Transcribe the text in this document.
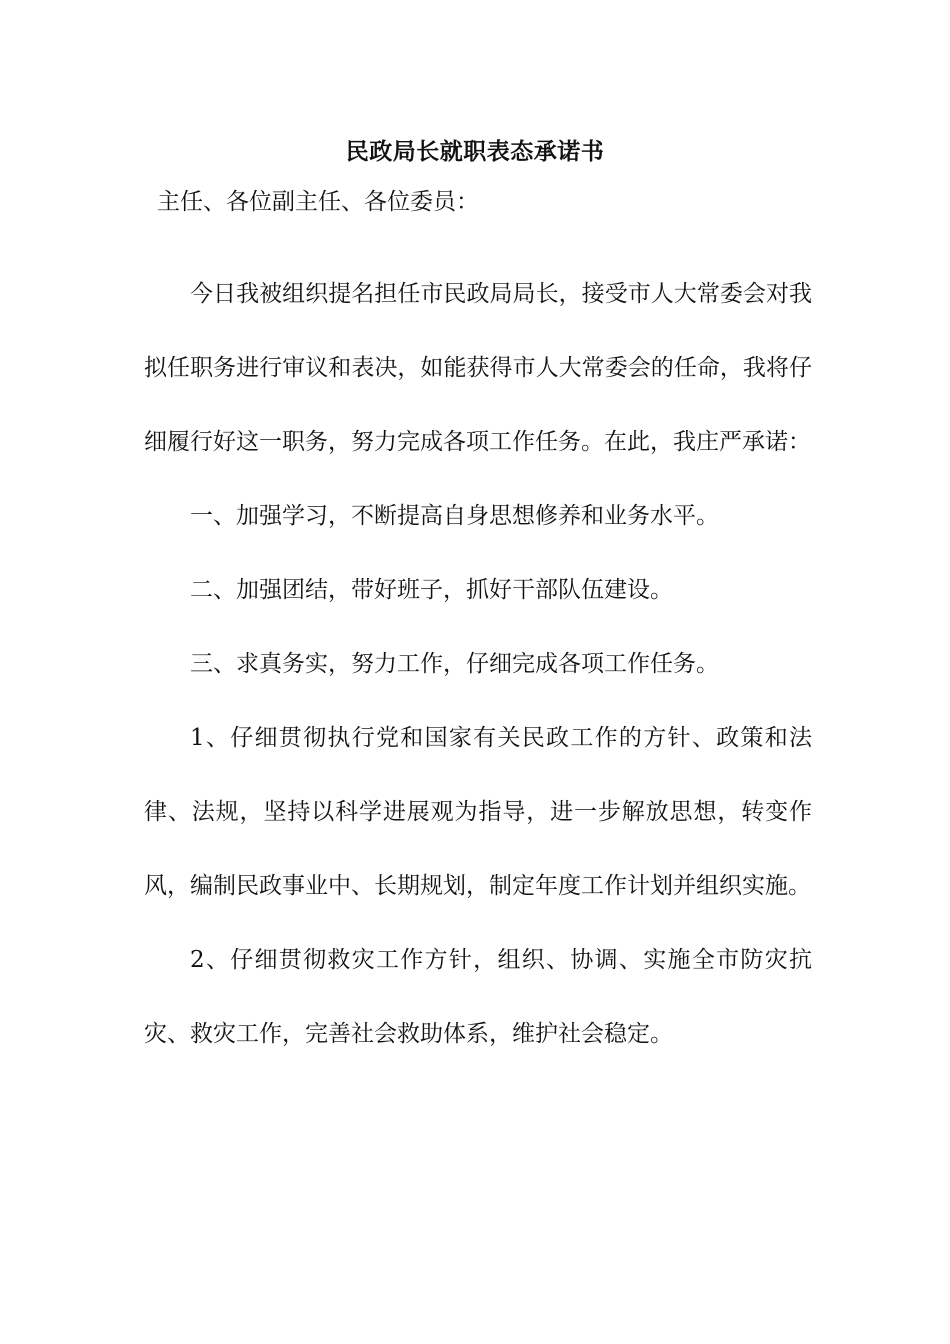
民政局长就职表态承诺书
主任、各位副主任、各位委员：

今日我被组织提名担任市民政局局长，接受市人大常委会对我拟任职务进行审议和表决，如能获得市人大常委会的任命，我将仔细履行好这一职务，努力完成各项工作任务。在此，我庄严承诺：

一、加强学习，不断提高自身思想修养和业务水平。

二、加强团结，带好班子，抓好干部队伍建设。

三、求真务实，努力工作，仔细完成各项工作任务。

1、仔细贯彻执行党和国家有关民政工作的方针、政策和法律、法规，坚持以科学进展观为指导，进一步解放思想，转变作风，编制民政事业中、长期规划，制定年度工作计划并组织实施。

2、仔细贯彻救灾工作方针，组织、协调、实施全市防灾抗灾、救灾工作，完善社会救助体系，维护社会稳定。
